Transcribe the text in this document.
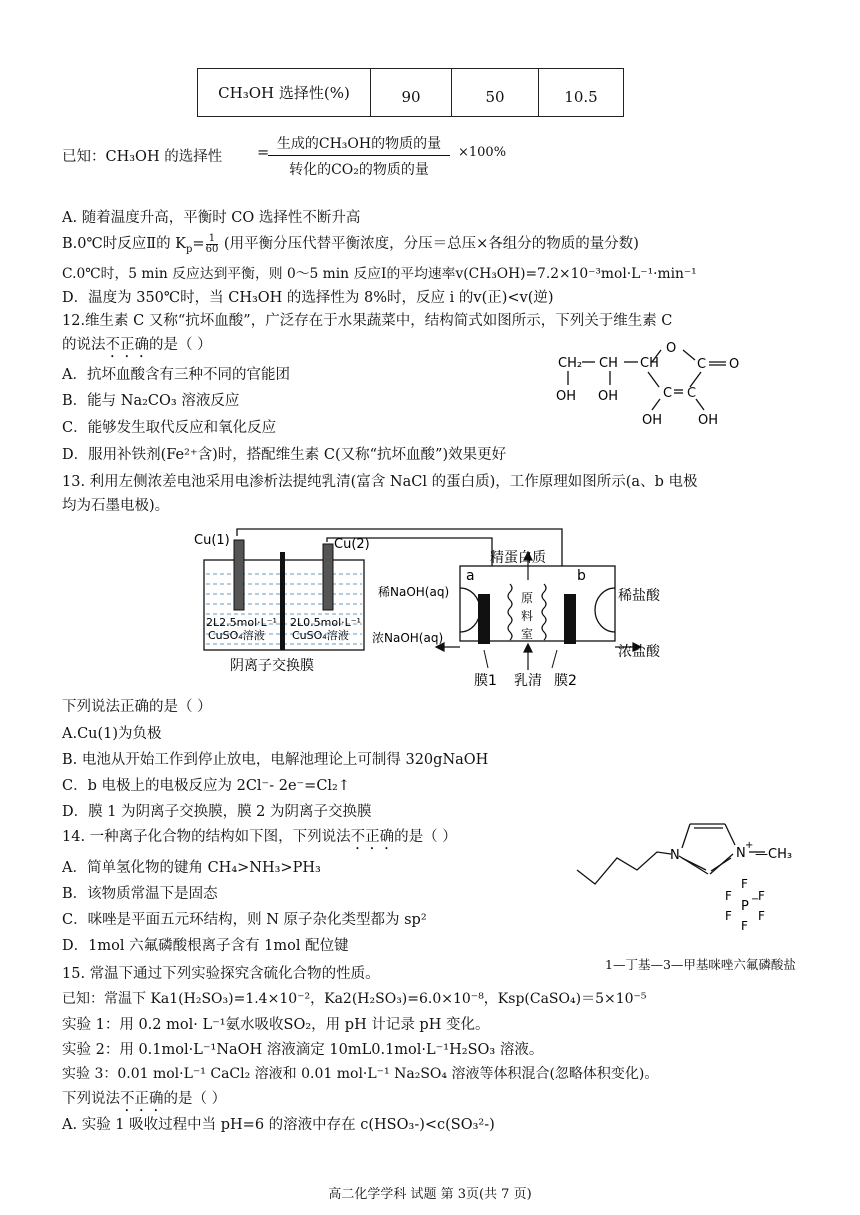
CH₃OH 选择性(%)	90	50	10.5
已知：CH₃OH 的选择性 =
生成的CH₃OH的物质的量
转化的CO₂的物质的量
×100%
A. 随着温度升高，平衡时 CO 选择性不断升高
B.0℃时反应Ⅱ的 $K_p= \frac{1}{60}$ (用平衡分压代替平衡浓度，分压＝总压×各组分的物质的量分数)
C.0℃时，5 min 反应达到平衡，则 0～5 min 反应Ⅰ的平均速率v(CH₃OH)=7.2×10⁻³mol·L⁻¹·min⁻¹
D．温度为 350℃时，当 CH₃OH 的选择性为 8%时，反应 i 的v(正)<v(逆)
12.维生素 C 又称“抗坏血酸”，广泛存在于水果蔬菜中，结构简式如图所示，下列关于维生素 C
的说法不正确的是（ ）
A．抗坏血酸含有三种不同的官能团
B．能与 Na₂CO₃ 溶液反应
C．能够发生取代反应和氧化反应
D．服用补铁剂(Fe²⁺含)时，搭配维生素 C(又称“抗坏血酸”)效果更好
CH₂ CH CH
O
C O
C
OH OH
OH	OH
C
13. 利用左侧浓差电池采用电渗析法提纯乳清(富含 NaCl 的蛋白质)，工作原理如图所示(a、b 电极
均为石墨电极)。
Cu(1)	Cu(2)
2L2.5mol·L⁻¹
CuSO₄溶液
2L0.5mol·L⁻¹
CuSO₄溶液
阴离子交换膜
a	b
精蛋白质
稀NaOH(aq)
浓NaOH(aq)
稀盐酸
浓盐酸
原
料
室
膜1 乳清 膜2
下列说法正确的是（ ）
A.Cu(1)为负极
B. 电池从开始工作到停止放电，电解池理论上可制得 320gNaOH
C．b 电极上的电极反应为 2Cl⁻- 2e⁻=Cl₂↑
D．膜 1 为阴离子交换膜，膜 2 为阴离子交换膜
14. 一种离子化合物的结构如下图，下列说法不正确的是（ ）
A．简单氢化物的键角 CH₄>NH₃>PH₃
B．该物质常温下是固态
C．咪唑是平面五元环结构，则 N 原子杂化类型都为 sp²
D．1mol 六氟磷酸根离子含有 1mol 配位键
N	N
+
—CH₃
F
F F
P −
F F
F
1—丁基—3—甲基咪唑六氟磷酸盐
15. 常温下通过下列实验探究含硫化合物的性质。
已知：常温下 Ka1(H₂SO₃)=1.4×10⁻²，Ka2(H₂SO₃)=6.0×10⁻⁸，Ksp(CaSO₄)＝5×10⁻⁵
实验 1：用 0.2 mol· L⁻¹氨水吸收SO₂，用 pH 计记录 pH 变化。
实验 2：用 0.1mol·L⁻¹NaOH 溶液滴定 10mL0.1mol·L⁻¹H₂SO₃ 溶液。
实验 3：0.01 mol·L⁻¹ CaCl₂ 溶液和 0.01 mol·L⁻¹ Na₂SO₄ 溶液等体积混合(忽略体积变化)。
下列说法不正确的是（ ）
A. 实验 1 吸收过程中当 pH=6 的溶液中存在 c(HSO₃-)<c(SO₃²-)
高二化学学科 试题 第 3页(共 7 页)
